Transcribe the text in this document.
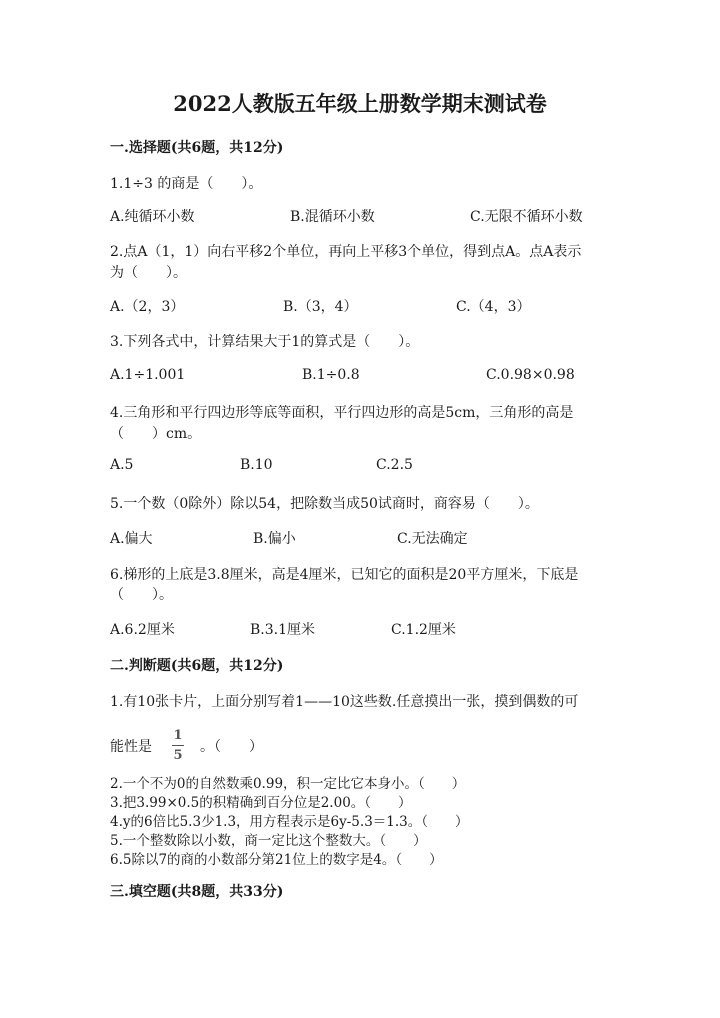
2022人教版五年级上册数学期末测试卷
一.选择题(共6题，共12分)
1.1÷3 的商是（　　）。
A.纯循环小数	B.混循环小数	C.无限不循环小数
2.点A（1，1）向右平移2个单位，再向上平移3个单位，得到点A。点A表示
为（　　）。
A.（2，3）	B.（3，4）	C.（4，3）
3.下列各式中，计算结果大于1的算式是（　　）。
A.1÷1.001	B.1÷0.8	C.0.98×0.98
4.三角形和平行四边形等底等面积，平行四边形的高是5cm，三角形的高是
（　　）cm。
A.5	B.10	C.2.5
5.一个数（0除外）除以54，把除数当成50试商时，商容易（　　）。
A.偏大	B.偏小	C.无法确定
6.梯形的上底是3.8厘米，高是4厘米，已知它的面积是20平方厘米，下底是
（　　）。
A.6.2厘米	B.3.1厘米	C.1.2厘米
二.判断题(共6题，共12分)
1.有10张卡片，上面分别写着1——10这些数.任意摸出一张，摸到偶数的可
能性是
1
5
。（　　）
2.一个不为0的自然数乘0.99，积一定比它本身小。（　　）
3.把3.99×0.5的积精确到百分位是2.00。（　　）
4.y的6倍比5.3少1.3，用方程表示是6y-5.3＝1.3。（　　）
5.一个整数除以小数，商一定比这个整数大。（　　）
6.5除以7的商的小数部分第21位上的数字是4。（　　）
三.填空题(共8题，共33分)
